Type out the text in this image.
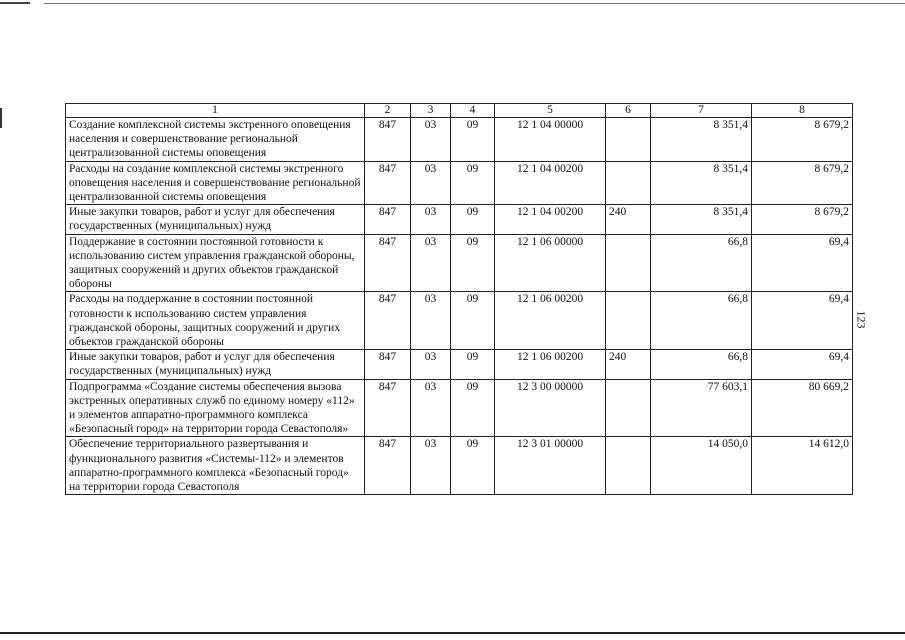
123
1	2	3	4	5	6	7	8
Создание комплексной системы экстренного оповещения населения и совершенствование региональной централизованной системы оповещения	847	03	09	12 1 04 00000		8 351,4	8 679,2
Расходы на создание комплексной системы экстренного оповещения населения и совершенствование региональной централизованной системы оповещения	847	03	09	12 1 04 00200		8 351,4	8 679,2
Иные закупки товаров, работ и услуг для обеспечения государственных (муниципальных) нужд	847	03	09	12 1 04 00200	240	8 351,4	8 679,2
Поддержание в состоянии постоянной готовности к использованию систем управления гражданской обороны, защитных сооружений и других объектов гражданской обороны	847	03	09	12 1 06 00000		66,8	69,4
Расходы на поддержание в состоянии постоянной готовности к использованию систем управления гражданской обороны, защитных сооружений и других объектов гражданской обороны	847	03	09	12 1 06 00200		66,8	69,4
Иные закупки товаров, работ и услуг для обеспечения государственных (муниципальных) нужд	847	03	09	12 1 06 00200	240	66,8	69,4
Подпрограмма «Создание системы обеспечения вызова экстренных оперативных служб по единому номеру «112» и элементов аппаратно-программного комплекса «Безопасный город» на территории города Севастополя»	847	03	09	12 3 00 00000		77 603,1	80 669,2
Обеспечение территориального развертывания и функционального развития «Системы-112» и элементов аппаратно-программного комплекса «Безопасный город» на территории города Севастополя	847	03	09	12 3 01 00000		14 050,0	14 612,0
